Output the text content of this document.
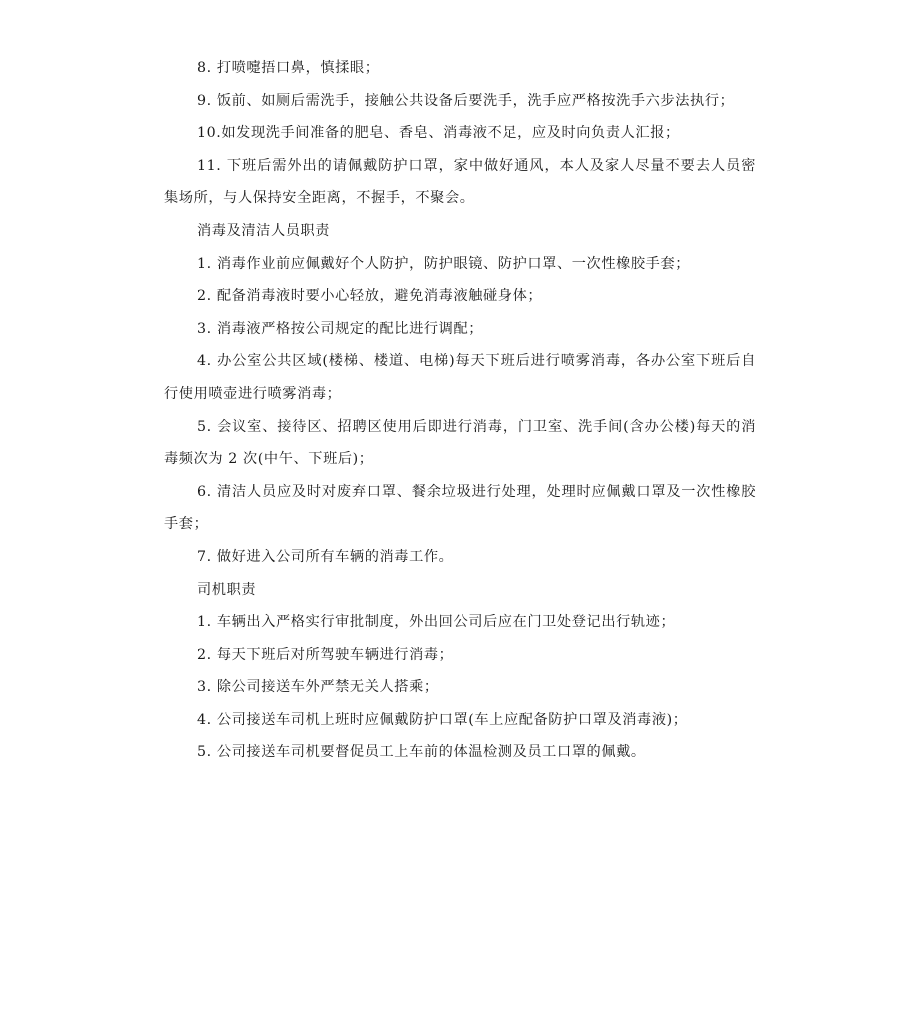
8. 打喷嚏捂口鼻，慎揉眼；

9. 饭前、如厕后需洗手，接触公共设备后要洗手，洗手应严格按洗手六步法执行；

10.如发现洗手间准备的肥皂、香皂、消毒液不足，应及时向负责人汇报；

11. 下班后需外出的请佩戴防护口罩，家中做好通风，本人及家人尽量不要去人员密集场所，与人保持安全距离，不握手，不聚会。

消毒及清洁人员职责

1. 消毒作业前应佩戴好个人防护，防护眼镜、防护口罩、一次性橡胶手套；

2. 配备消毒液时要小心轻放，避免消毒液触碰身体；

3. 消毒液严格按公司规定的配比进行调配；

4. 办公室公共区域(楼梯、楼道、电梯)每天下班后进行喷雾消毒，各办公室下班后自行使用喷壶进行喷雾消毒；

5. 会议室、接待区、招聘区使用后即进行消毒，门卫室、洗手间(含办公楼)每天的消毒频次为 2 次(中午、下班后)；

6. 清洁人员应及时对废弃口罩、餐余垃圾进行处理，处理时应佩戴口罩及一次性橡胶手套；

7. 做好进入公司所有车辆的消毒工作。

司机职责

1. 车辆出入严格实行审批制度，外出回公司后应在门卫处登记出行轨迹；

2. 每天下班后对所驾驶车辆进行消毒；

3. 除公司接送车外严禁无关人搭乘；

4. 公司接送车司机上班时应佩戴防护口罩(车上应配备防护口罩及消毒液)；

5. 公司接送车司机要督促员工上车前的体温检测及员工口罩的佩戴。
